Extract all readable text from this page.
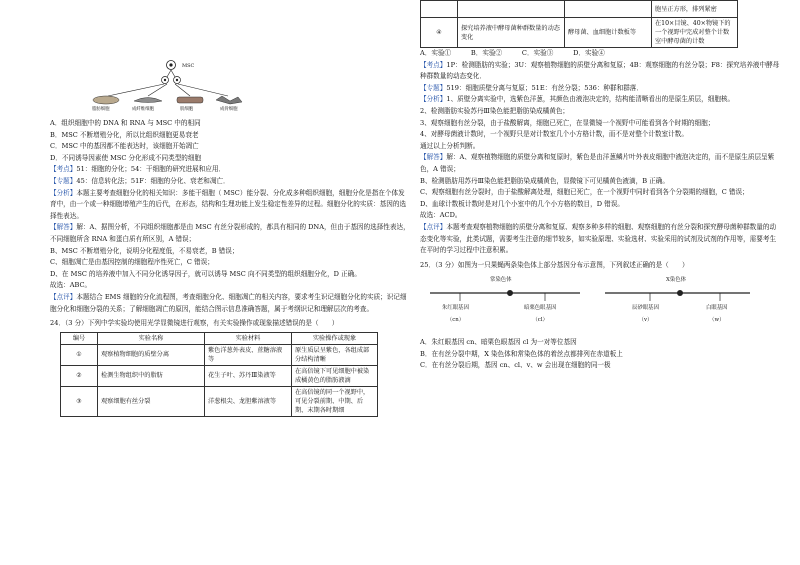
MSC
脂肪细胞	成纤维细胞	肌细胞	成骨细胞

A．组织细胞中的 DNA 和 RNA 与 MSC 中的相同

B．MSC 不断增殖分化，所以比组织细胞更易衰老

C．MSC 中的基因都不能表达时，该细胞开始凋亡

D．不同诱导因素使 MSC 分化形成不同类型的细胞

【考点】51：细胞的分化；54：干细胞的研究进展和应用．

【专题】45：信息转化法；51F：细胞的分化、衰老和凋亡．

【分析】本题主要考查细胞分化的相关知识：多能干细胞（ MSC）能分裂、分化成多种组织细胞，细胞分化是指在个体发育中，由一个或一种细胞增殖产生的后代，在形态，结构和生理功能上发生稳定性差异的过程。细胞分化的实质：基因的选择性表达。

【解答】解：A、据图分析，不同组织细胞都是由 MSC 有丝分裂形成的，都具有相同的 DNA，但由于基因的选择性表达，不同细胞所含 RNA 和蛋白质有所区别，A 错误；

B、MSC 不断增殖分化，说明分化程度低，不易衰老，B 错误；

C、细胞凋亡是由基因控制的细胞程序性死亡，C 错误；

D、在 MSC 的培养液中加入不同分化诱导因子，就可以诱导 MSC 向不同类型的组织细胞分化，D 正确。

故选：ABC。

【点评】本题结合 EMS 细胞的分化流程图，考查细胞分化、细胞凋亡的相关内容，要求考生识记细胞分化的实质；识记细胞分化和细胞分裂的关系；了解细胞凋亡的原因，能结合图示信息准确答题，属于考纲识记和理解层次的考查。

24．（3 分）下列中学实验均使用光学显微镜进行观察，有关实验操作或现象描述错误的是（　　）

编号	实验名称	实验材料	实验操作或现象
①	观察植物细胞的质壁分离	紫色洋葱外表皮、蔗糖溶液等	原生质层呈紫色，各组成部分结构清晰
②	检测生物组织中的脂肪	花生子叶、苏丹Ⅲ染液等	在高倍镜下可见细胞中被染成橘黄色的脂肪液滴
③	观察细胞有丝分裂	洋葱根尖、龙胆紫溶液等	在高倍镜的同一个视野中，可见分裂前期、中期、后期、末期各时期细
			胞呈正方形，排列紧密
④	探究培养液中酵母菌种群数量的动态变化	酵母菌、血细胞计数板等	在10×目镜、40×物镜下的一个视野中完成对整个计数室中酵母菌的计数

A．实验①　　　B．实验②　　　C．实验③　　　D．实验④

【考点】1P：检测脂肪的实验；3U：观察植物细胞的质壁分离和复原；4B：观察细胞的有丝分裂；F8：探究培养液中酵母种群数量的动态变化．

【专题】519：细胞质壁分离与复原；51E：有丝分裂；536：种群和群落．

【分析】1、质壁分离实验中，选紫色洋葱，其颜色由液泡决定的，结构能清晰看出的是原生质层，细胞核。

2、检测脂肪实验苏丹Ⅲ染色能把脂肪染成橘黄色；

3、观察细胞有丝分裂，由于盐酸解离，细胞已死亡，在显微镜一个视野中可能看到各个时期的细胞；

4、对酵母菌液计数时，一个视野只是对计数室几个小方格计数，而不是对整个计数室计数。

通过以上分析判断。

【解答】解：A、观察植物细胞的质壁分离和复原时，紫色是由洋葱鳞片叶外表皮细胞中液泡决定的，而不是原生质层呈紫色，A 错误；

B、检测脂肪用苏丹Ⅲ染色能把脂肪染成橘黄色，显微镜下可见橘黄色液滴，B 正确。

C、观察细胞有丝分裂时，由于盐酸解离处理，细胞已死亡，在一个视野中同时看到各个分裂期的细胞，C 错误；

D、血球计数板计数时是对几个小室中的几个小方格的数目，D 错误。

故选：ACD。

【点评】本题考查观察植物细胞的质壁分离和复原、观察多种多样的细胞、观察细胞的有丝分裂和探究酵母菌种群数量的动态变化等实验，此类试题，需要考生注意的细节较多，如实验原理、实验选材、实验采用的试剂及试剂的作用等，需要考生在平时的学习过程中注意积累。

25．（3 分）如图为一只果蝇两条染色体上部分基因分布示意图，下列叙述正确的是（　　）

常染色体	X染色体
朱红眼基因
（cn）
暗栗色眼基因
（cl）
辰砂眼基因
（v）
白眼基因
（w）

A．朱红眼基因 cn、暗栗色眼基因 cl 为一对等位基因

B．在有丝分裂中期，X 染色体和常染色体的着丝点都排列在赤道板上

C．在有丝分裂后期，基因 cn、cl、v、w 会出现在细胞的同一极
